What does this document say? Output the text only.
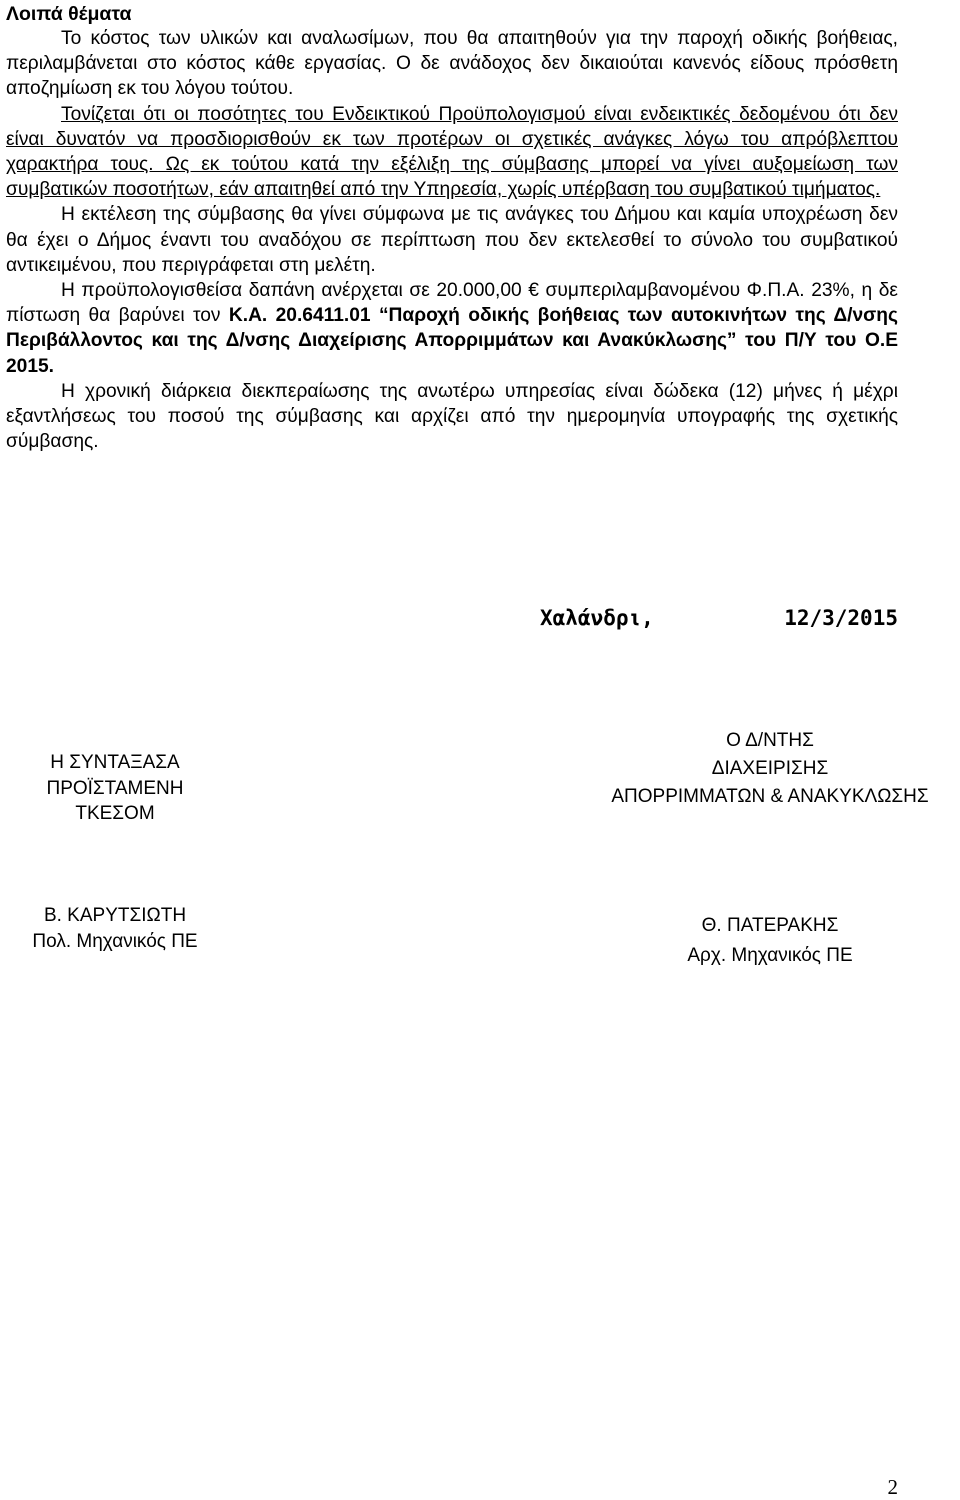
Λοιπά θέματα

Το κόστος των υλικών και αναλωσίμων, που θα απαιτηθούν για την παροχή οδικής βοήθειας, περιλαμβάνεται στο κόστος κάθε εργασίας. Ο δε ανάδοχος δεν δικαιούται κανενός είδους πρόσθετη αποζημίωση εκ του λόγου τούτου.

Τονίζεται ότι οι ποσότητες του Ενδεικτικού Προϋπολογισμού είναι ενδεικτικές δεδομένου ότι δεν είναι δυνατόν να προσδιορισθούν εκ των προτέρων οι σχετικές ανάγκες λόγω του απρόβλεπτου χαρακτήρα τους. Ως εκ τούτου κατά την εξέλιξη της σύμβασης μπορεί να γίνει αυξομείωση των συμβατικών ποσοτήτων, εάν απαιτηθεί από την Υπηρεσία, χωρίς υπέρβαση του συμβατικού τιμήματος.

Η εκτέλεση της σύμβασης θα γίνει σύμφωνα με τις ανάγκες του Δήμου και καμία υποχρέωση δεν θα έχει ο Δήμος έναντι του αναδόχου σε περίπτωση που δεν εκτελεσθεί το σύνολο του συμβατικού αντικειμένου, που περιγράφεται στη μελέτη.

Η προϋπολογισθείσα δαπάνη ανέρχεται σε 20.000,00 € συμπεριλαμβανομένου Φ.Π.Α. 23%, η δε πίστωση θα βαρύνει τον Κ.Α. 20.6411.01 “Παροχή οδικής βοήθειας των αυτοκινήτων της Δ/νσης Περιβάλλοντος και της Δ/νσης Διαχείρισης Απορριμμάτων και Ανακύκλωσης” του Π/Υ του Ο.Ε 2015.

Η χρονική διάρκεια διεκπεραίωσης της ανωτέρω υπηρεσίας είναι δώδεκα (12) μήνες ή μέχρι εξαντλήσεως του ποσού της σύμβασης και αρχίζει από την ημερομηνία υπογραφής της σχετικής σύμβασης.

Χαλάνδρι,	12/3/2015
Η ΣΥΝΤΑΞΑΣΑ
ΠΡΟΪΣΤΑΜΕΝΗ
ΤΚΕΣΟΜ
Ο Δ/ΝΤΗΣ
ΔΙΑΧΕΙΡΙΣΗΣ
ΑΠΟΡΡΙΜΜΑΤΩΝ & ΑΝΑΚΥΚΛΩΣΗΣ
Β. ΚΑΡΥΤΣΙΩΤΗ
Πολ. Μηχανικός ΠΕ
Θ. ΠΑΤΕΡΑΚΗΣ
Αρχ. Μηχανικός ΠΕ
2
